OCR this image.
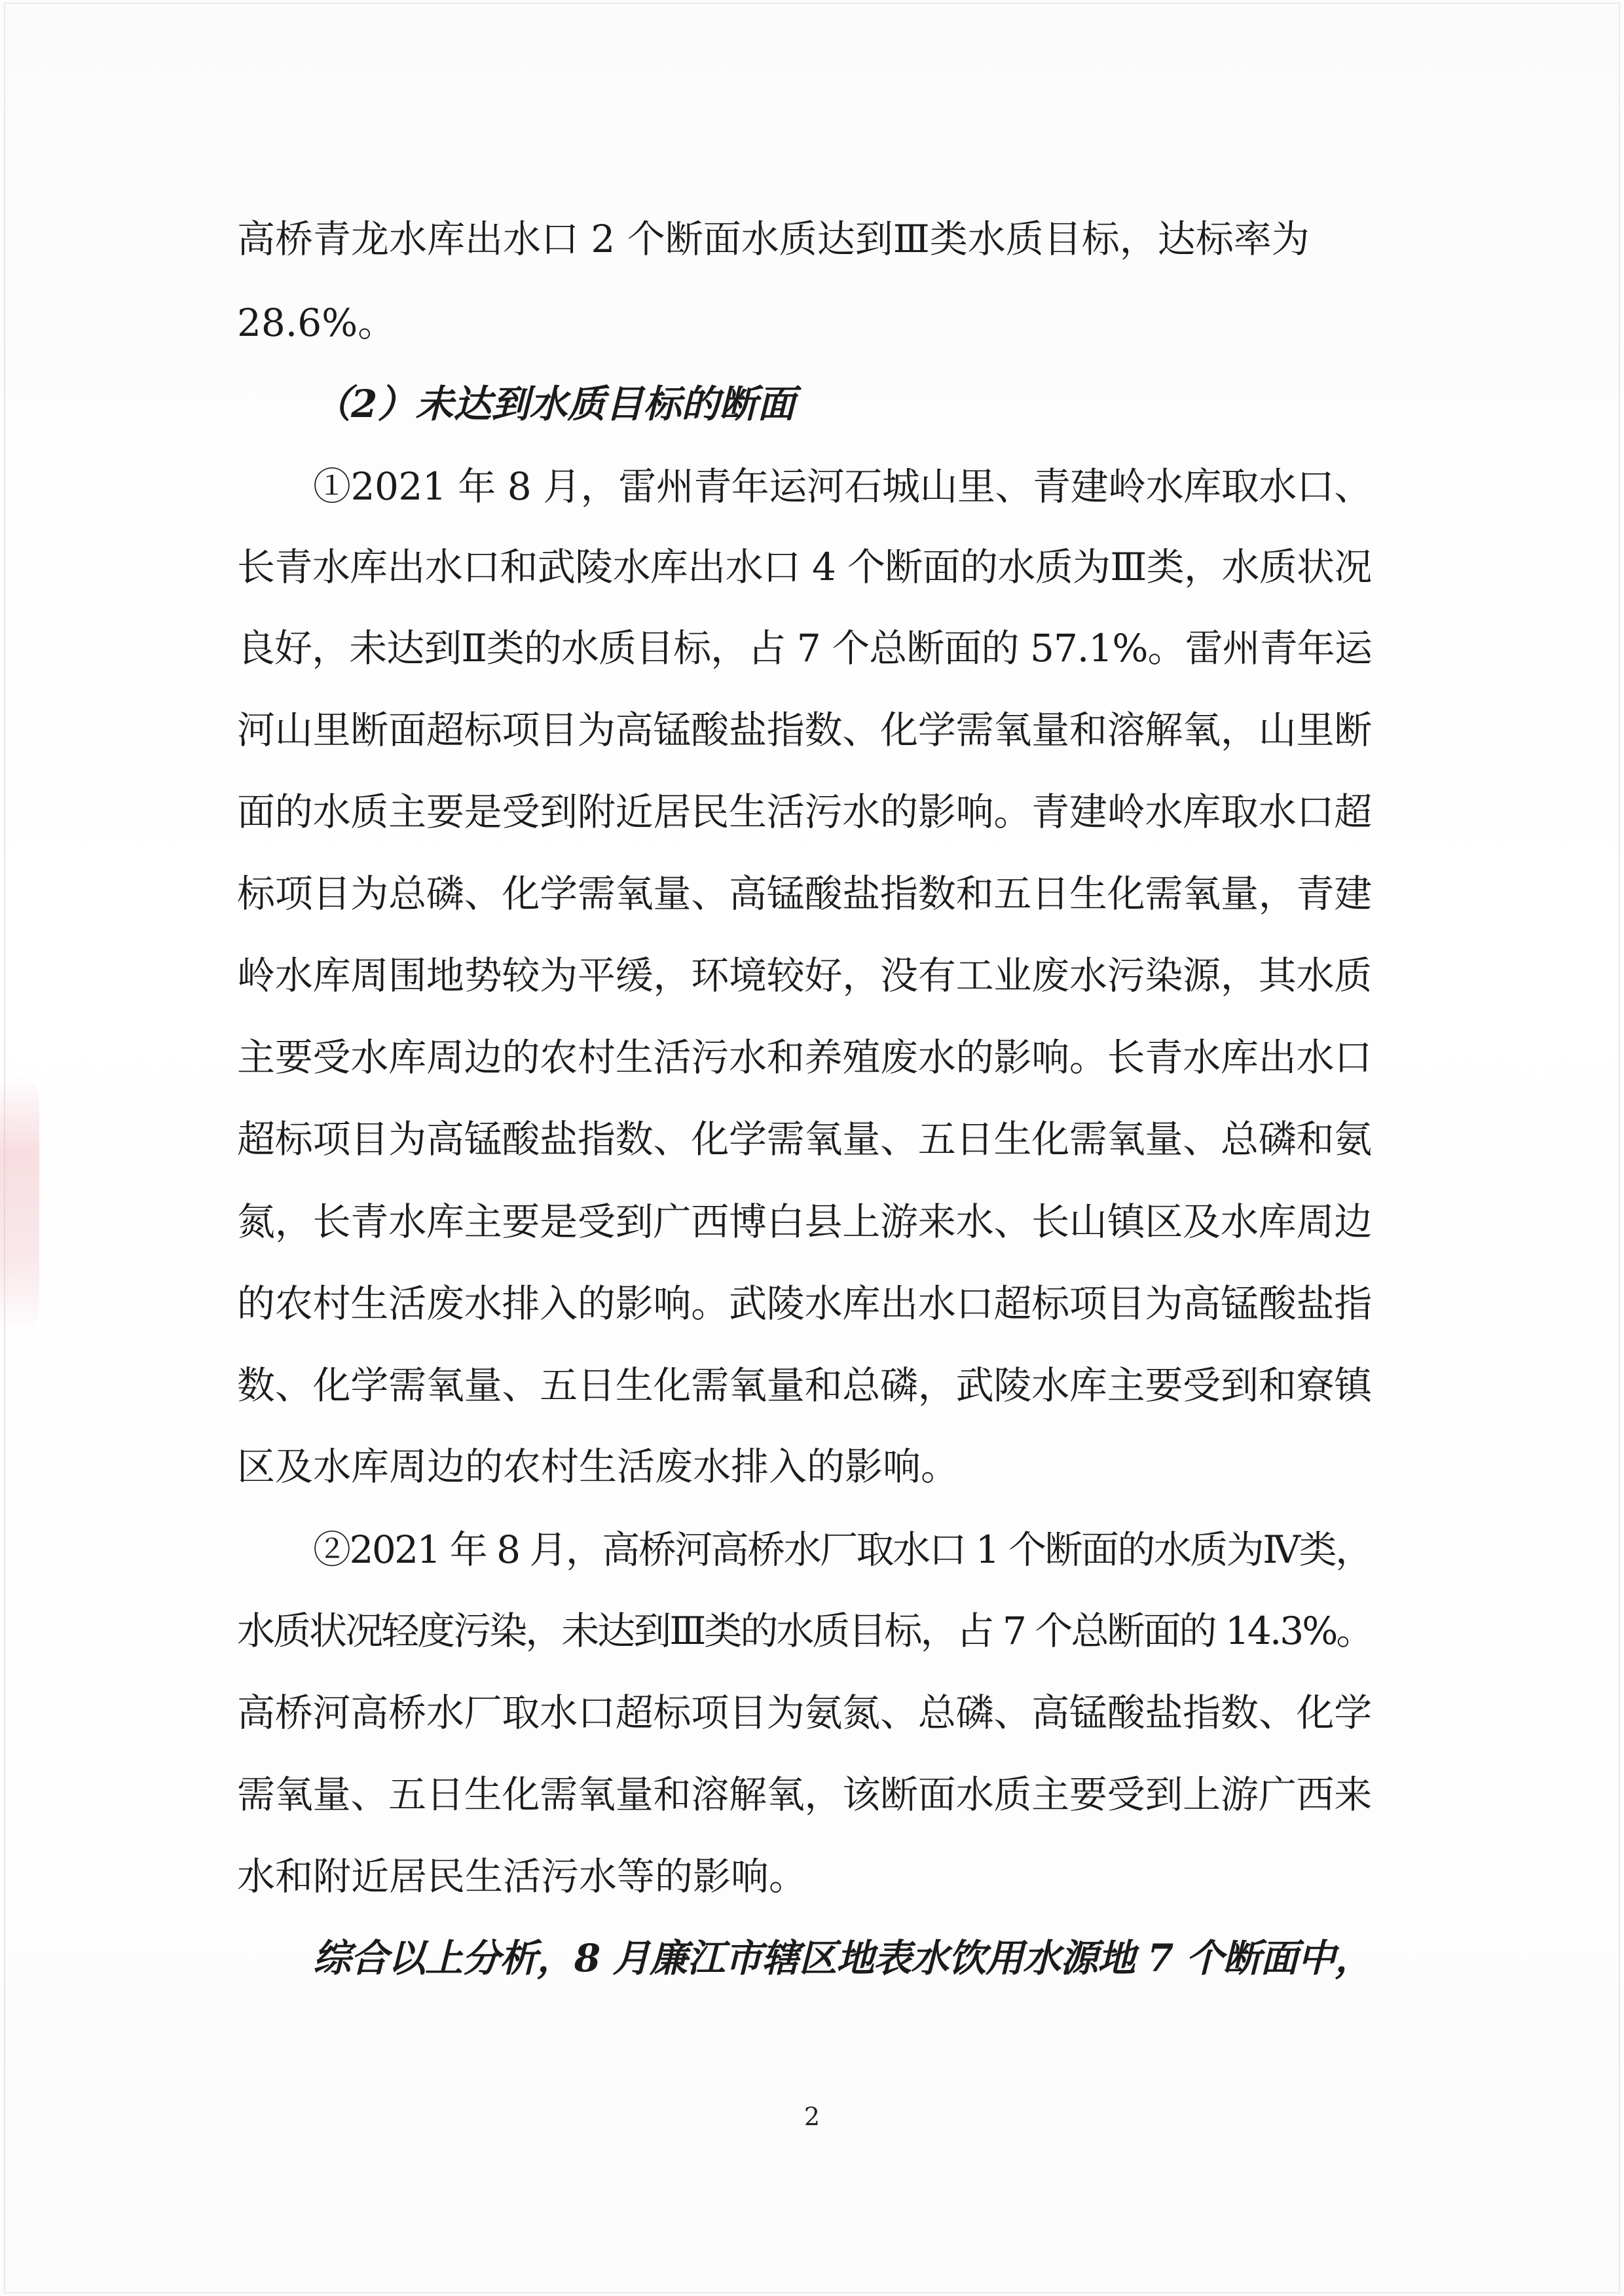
高桥青龙水库出水口 2 个断面水质达到Ⅲ类水质目标，达标率为
28.6%。
（2）未达到水质目标的断面
①2021 年 8 月，雷州青年运河石城山里、青建岭水库取水口、
长青水库出水口和武陵水库出水口 4 个断面的水质为Ⅲ类，水质状况
良好，未达到Ⅱ类的水质目标，占 7 个总断面的 57.1%。雷州青年运
河山里断面超标项目为高锰酸盐指数、化学需氧量和溶解氧，山里断
面的水质主要是受到附近居民生活污水的影响。青建岭水库取水口超
标项目为总磷、化学需氧量、高锰酸盐指数和五日生化需氧量，青建
岭水库周围地势较为平缓，环境较好，没有工业废水污染源，其水质
主要受水库周边的农村生活污水和养殖废水的影响。长青水库出水口
超标项目为高锰酸盐指数、化学需氧量、五日生化需氧量、总磷和氨
氮，长青水库主要是受到广西博白县上游来水、长山镇区及水库周边
的农村生活废水排入的影响。武陵水库出水口超标项目为高锰酸盐指
数、化学需氧量、五日生化需氧量和总磷，武陵水库主要受到和寮镇
区及水库周边的农村生活废水排入的影响。
②2021 年 8 月，高桥河高桥水厂取水口 1 个断面的水质为Ⅳ类，
水质状况轻度污染，未达到Ⅲ类的水质目标，占 7 个总断面的 14.3%。
高桥河高桥水厂取水口超标项目为氨氮、总磷、高锰酸盐指数、化学
需氧量、五日生化需氧量和溶解氧，该断面水质主要受到上游广西来
水和附近居民生活污水等的影响。
综合以上分析，8 月廉江市辖区地表水饮用水源地 7 个断面中，
2
